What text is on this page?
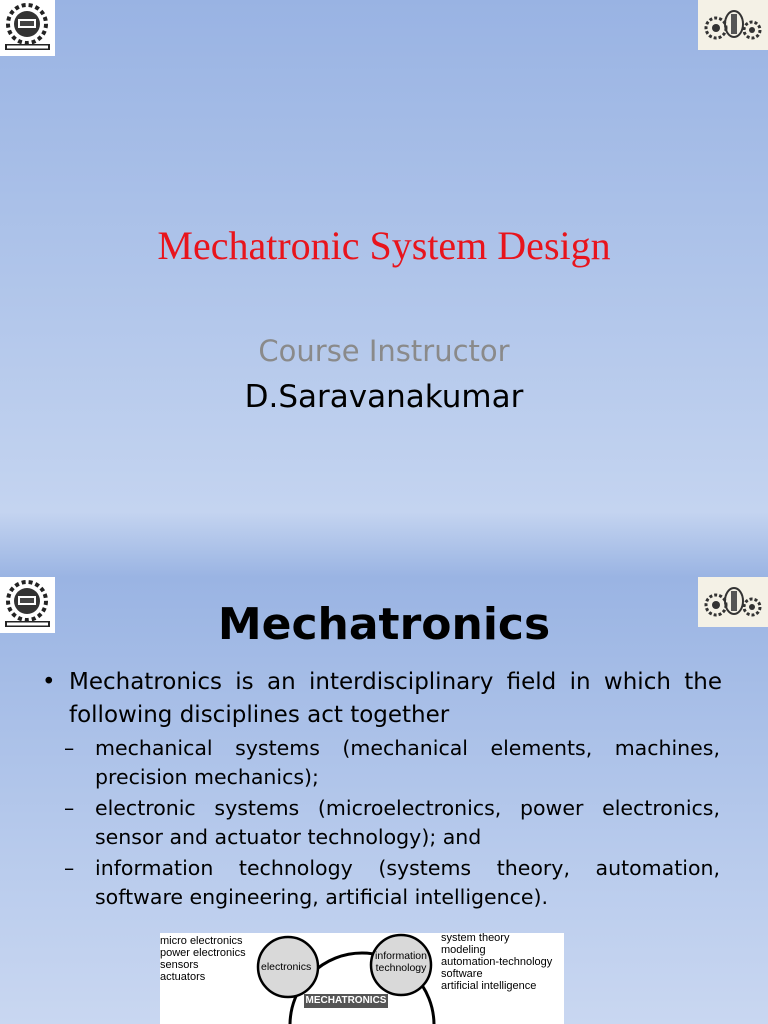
Mechatronic System Design
Course Instructor
D.Saravanakumar
Mechatronics
• Mechatronics is an interdisciplinary field in which the following disciplines act together
– mechanical systems (mechanical elements, machines, precision mechanics);
– electronic systems (microelectronics, power electronics, sensor and actuator technology); and
– information technology (systems theory, automation, software engineering, artificial intelligence).
micro electronics
power electronics
sensors
actuators
electronics
information
technology
system theory
modeling
automation-technology
software
artificial intelligence
MECHATRONICS
